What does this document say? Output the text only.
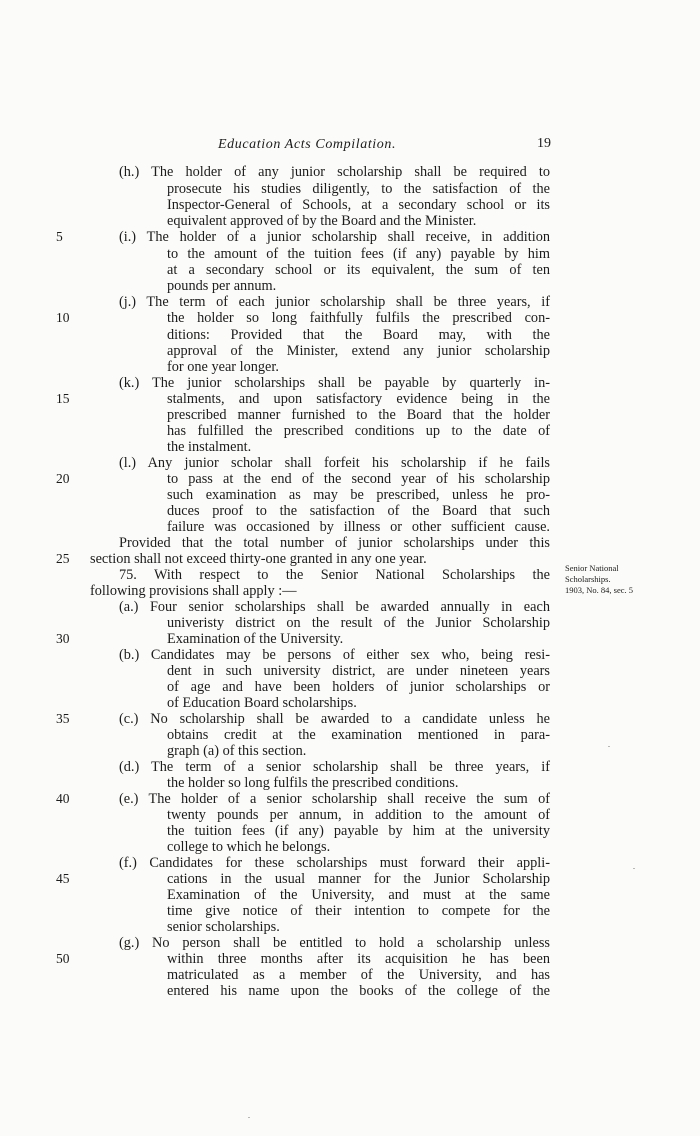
Education Acts Compilation.	19
(h.) The holder of any junior scholarship shall be required to
prosecute his studies diligently, to the satisfaction of the
Inspector-General of Schools, at a secondary school or its
equivalent approved of by the Board and the Minister.
5	(i.) The holder of a junior scholarship shall receive, in addition
to the amount of the tuition fees (if any) payable by him
at a secondary school or its equivalent, the sum of ten
pounds per annum.
(j.) The term of each junior scholarship shall be three years, if
10	the holder so long faithfully fulfils the prescribed con-
ditions: Provided that the Board may, with the
approval of the Minister, extend any junior scholarship
for one year longer.
(k.) The junior scholarships shall be payable by quarterly in-
15	stalments, and upon satisfactory evidence being in the
prescribed manner furnished to the Board that the holder
has fulfilled the prescribed conditions up to the date of
the instalment.
(l.) Any junior scholar shall forfeit his scholarship if he fails
20	to pass at the end of the second year of his scholarship
such examination as may be prescribed, unless he pro-
duces proof to the satisfaction of the Board that such
failure was occasioned by illness or other sufficient cause.
Provided that the total number of junior scholarships under this
25 section shall not exceed thirty-one granted in any one year.
75. With respect to the Senior National Scholarships the
following provisions shall apply :—
(a.) Four senior scholarships shall be awarded annually in each
univeristy district on the result of the Junior Scholarship
30	Examination of the University.
(b.) Candidates may be persons of either sex who, being resi-
dent in such university district, are under nineteen years
of age and have been holders of junior scholarships or
of Education Board scholarships.
35	(c.) No scholarship shall be awarded to a candidate unless he
obtains credit at the examination mentioned in para-
graph (a) of this section.
(d.) The term of a senior scholarship shall be three years, if
the holder so long fulfils the prescribed conditions.
40	(e.) The holder of a senior scholarship shall receive the sum of
twenty pounds per annum, in addition to the amount of
the tuition fees (if any) payable by him at the university
college to which he belongs.
(f.) Candidates for these scholarships must forward their appli-
45	cations in the usual manner for the Junior Scholarship
Examination of the University, and must at the same
time give notice of their intention to compete for the
senior scholarships.
(g.) No person shall be entitled to hold a scholarship unless
50	within three months after its acquisition he has been
matriculated as a member of the University, and has
entered his name upon the books of the college of the
Senior National
Scholarships.
1903, No. 84, sec. 5
